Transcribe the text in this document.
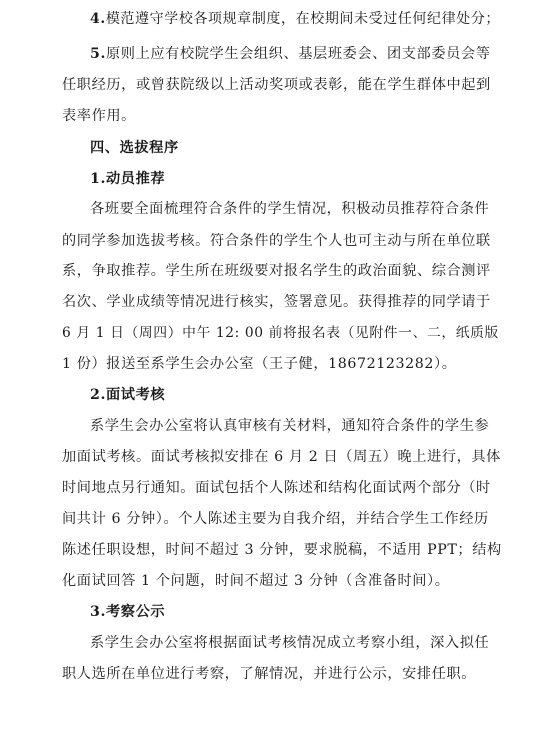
4.模范遵守学校各项规章制度，在校期间未受过任何纪律处分；
5.原则上应有校院学生会组织、基层班委会、团支部委员会等
任职经历，或曾获院级以上活动奖项或表彰，能在学生群体中起到
表率作用。
四、选拔程序
1.动员推荐
各班要全面梳理符合条件的学生情况，积极动员推荐符合条件
的同学参加选拔考核。符合条件的学生个人也可主动与所在单位联
系，争取推荐。学生所在班级要对报名学生的政治面貌、综合测评
名次、学业成绩等情况进行核实，签署意见。获得推荐的同学请于
6 月 1 日（周四）中午 12: 00 前将报名表（见附件一、二，纸质版
1 份）报送至系学生会办公室（王子健，18672123282）。
2.面试考核
系学生会办公室将认真审核有关材料，通知符合条件的学生参
加面试考核。面试考核拟安排在 6 月 2 日（周五）晚上进行，具体
时间地点另行通知。面试包括个人陈述和结构化面试两个部分（时
间共计 6 分钟）。个人陈述主要为自我介绍，并结合学生工作经历
陈述任职设想，时间不超过 3 分钟，要求脱稿，不适用 PPT；结构
化面试回答 1 个问题，时间不超过 3 分钟（含准备时间）。
3.考察公示
系学生会办公室将根据面试考核情况成立考察小组，深入拟任
职人选所在单位进行考察，了解情况，并进行公示，安排任职。
